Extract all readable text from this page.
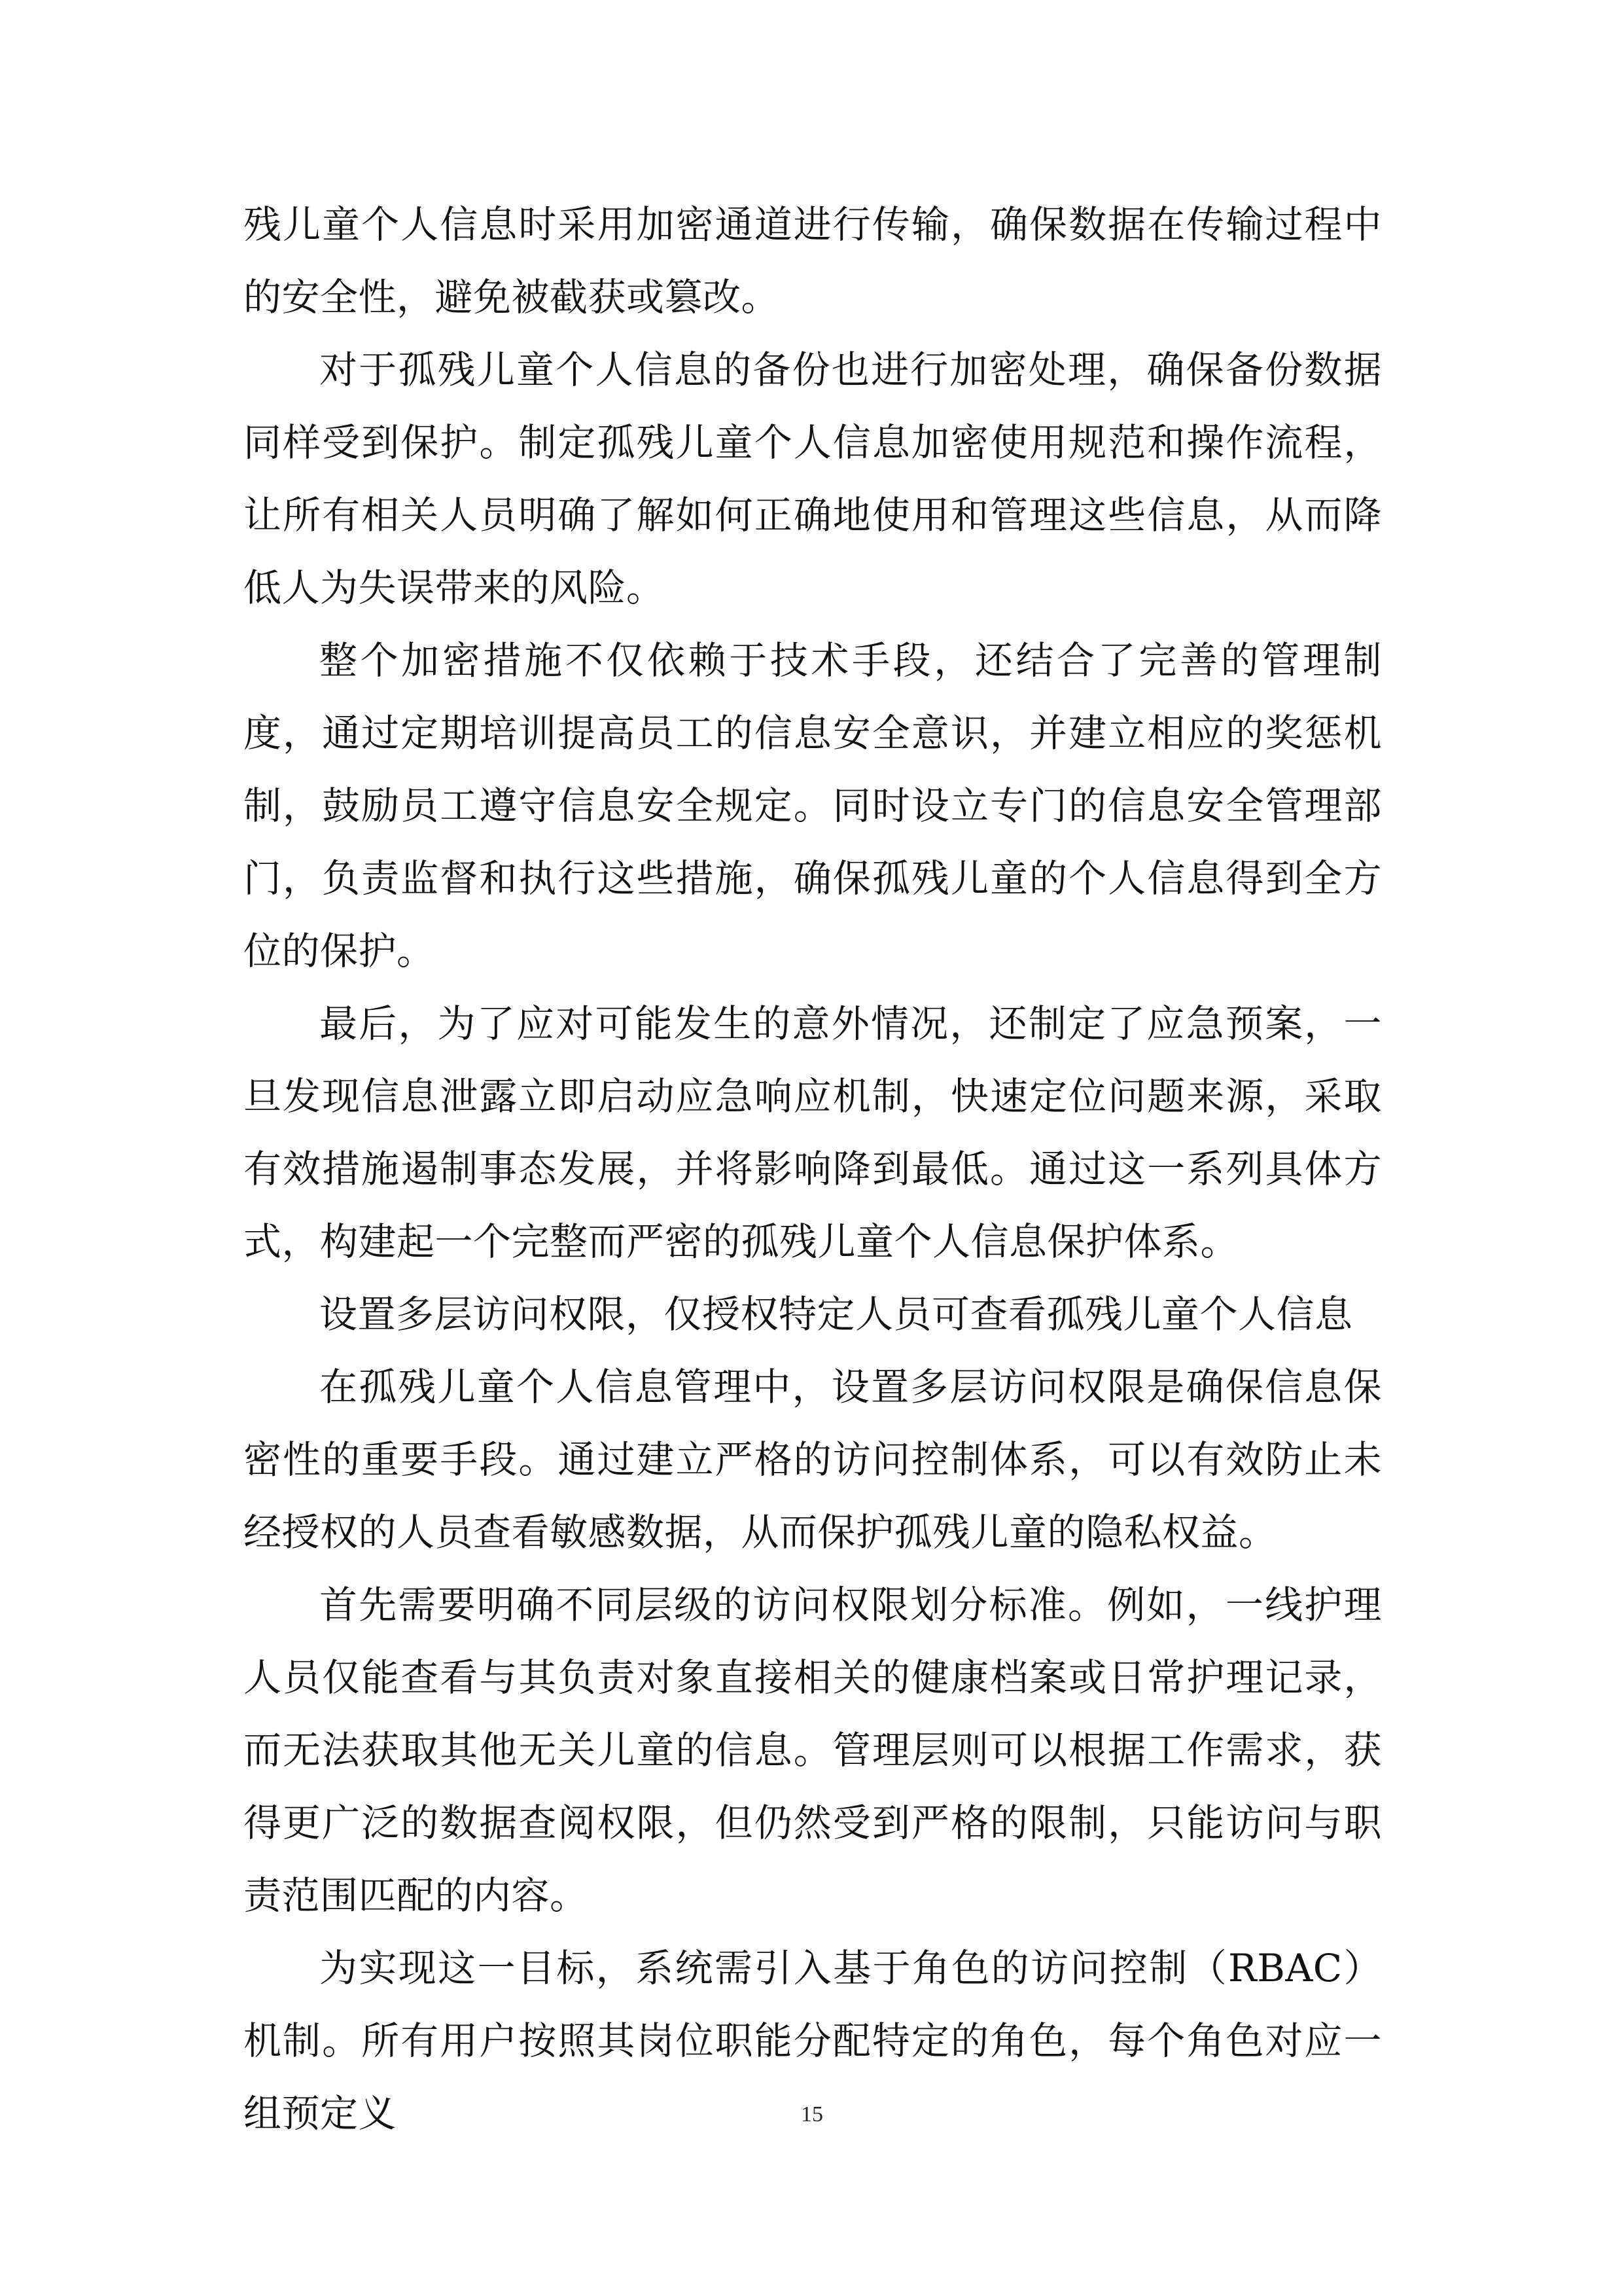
残儿童个人信息时采用加密通道进行传输，确保数据在传输过程中的安全性，避免被截获或篡改。

对于孤残儿童个人信息的备份也进行加密处理，确保备份数据同样受到保护。制定孤残儿童个人信息加密使用规范和操作流程，让所有相关人员明确了解如何正确地使用和管理这些信息，从而降低人为失误带来的风险。

整个加密措施不仅依赖于技术手段，还结合了完善的管理制度，通过定期培训提高员工的信息安全意识，并建立相应的奖惩机制，鼓励员工遵守信息安全规定。同时设立专门的信息安全管理部门，负责监督和执行这些措施，确保孤残儿童的个人信息得到全方位的保护。

最后，为了应对可能发生的意外情况，还制定了应急预案，一旦发现信息泄露立即启动应急响应机制，快速定位问题来源，采取有效措施遏制事态发展，并将影响降到最低。通过这一系列具体方式，构建起一个完整而严密的孤残儿童个人信息保护体系。

设置多层访问权限，仅授权特定人员可查看孤残儿童个人信息

在孤残儿童个人信息管理中，设置多层访问权限是确保信息保密性的重要手段。通过建立严格的访问控制体系，可以有效防止未经授权的人员查看敏感数据，从而保护孤残儿童的隐私权益。

首先需要明确不同层级的访问权限划分标准。例如，一线护理人员仅能查看与其负责对象直接相关的健康档案或日常护理记录，而无法获取其他无关儿童的信息。管理层则可以根据工作需求，获得更广泛的数据查阅权限，但仍然受到严格的限制，只能访问与职责范围匹配的内容。

为实现这一目标，系统需引入基于角色的访问控制（RBAC）机制。所有用户按照其岗位职能分配特定的角色，每个角色对应一组预定义	15
